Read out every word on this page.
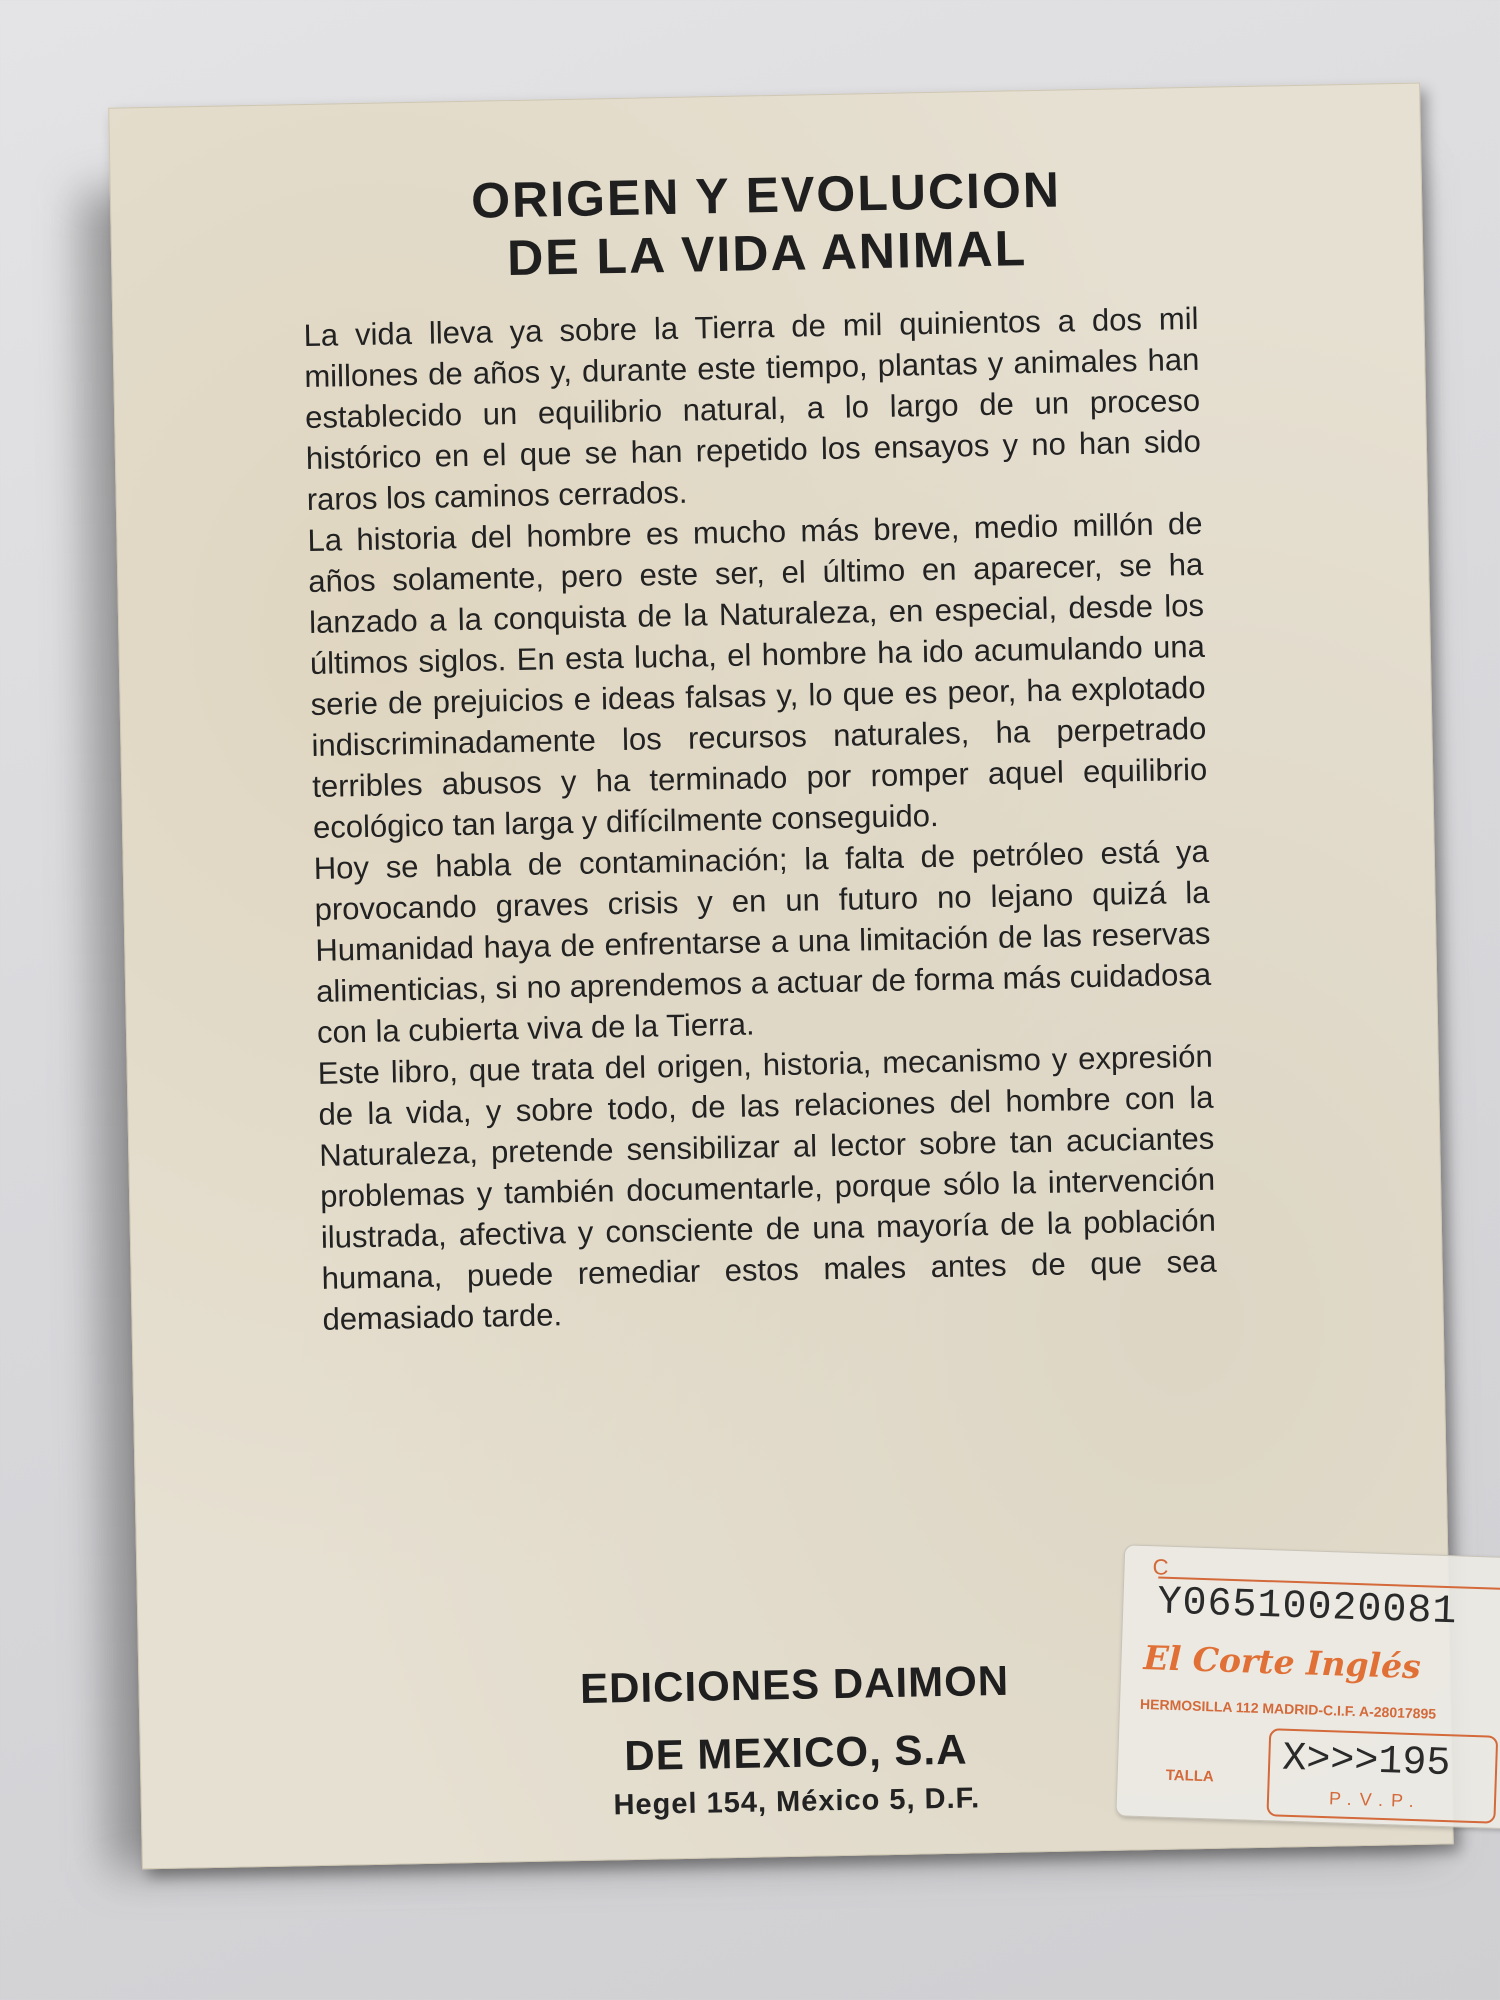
ORIGEN Y EVOLUCION
DE LA VIDA ANIMAL

La vida lleva ya sobre la Tierra de mil quinientos a dos mil millones de años y, durante este tiempo, plantas y animales han establecido un equilibrio natural, a lo largo de un proceso histórico en el que se han repetido los ensayos y no han sido raros los caminos cerrados.

La historia del hombre es mucho más breve, medio millón de años solamente, pero este ser, el último en aparecer, se ha lanzado a la conquista de la Naturaleza, en especial, desde los últimos siglos. En esta lucha, el hombre ha ido acumulando una serie de prejuicios e ideas falsas y, lo que es peor, ha explotado indiscriminadamente los recursos naturales, ha perpetrado terribles abusos y ha terminado por romper aquel equilibrio ecológico tan larga y difícilmente conseguido.

Hoy se habla de contaminación; la falta de petróleo está ya provocando graves crisis y en un futuro no lejano quizá la Humanidad haya de enfrentarse a una limitación de las reservas alimenticias, si no aprendemos a actuar de forma más cuidadosa con la cubierta viva de la Tierra.

Este libro, que trata del origen, historia, mecanismo y expresión de la vida, y sobre todo, de las relaciones del hombre con la Naturaleza, pretende sensibilizar al lector sobre tan acuciantes problemas y también documentarle, porque sólo la intervención ilustrada, afectiva y consciente de una mayoría de la población humana, puede remediar estos males antes de que sea demasiado tarde.

EDICIONES DAIMON
DE MEXICO, S.A
Hegel 154, México 5, D.F.
C
Y06510020081
El Corte Inglés
HERMOSILLA 112 MADRID-C.I.F. A-28017895
TALLA X>>>195
P.V.P.
